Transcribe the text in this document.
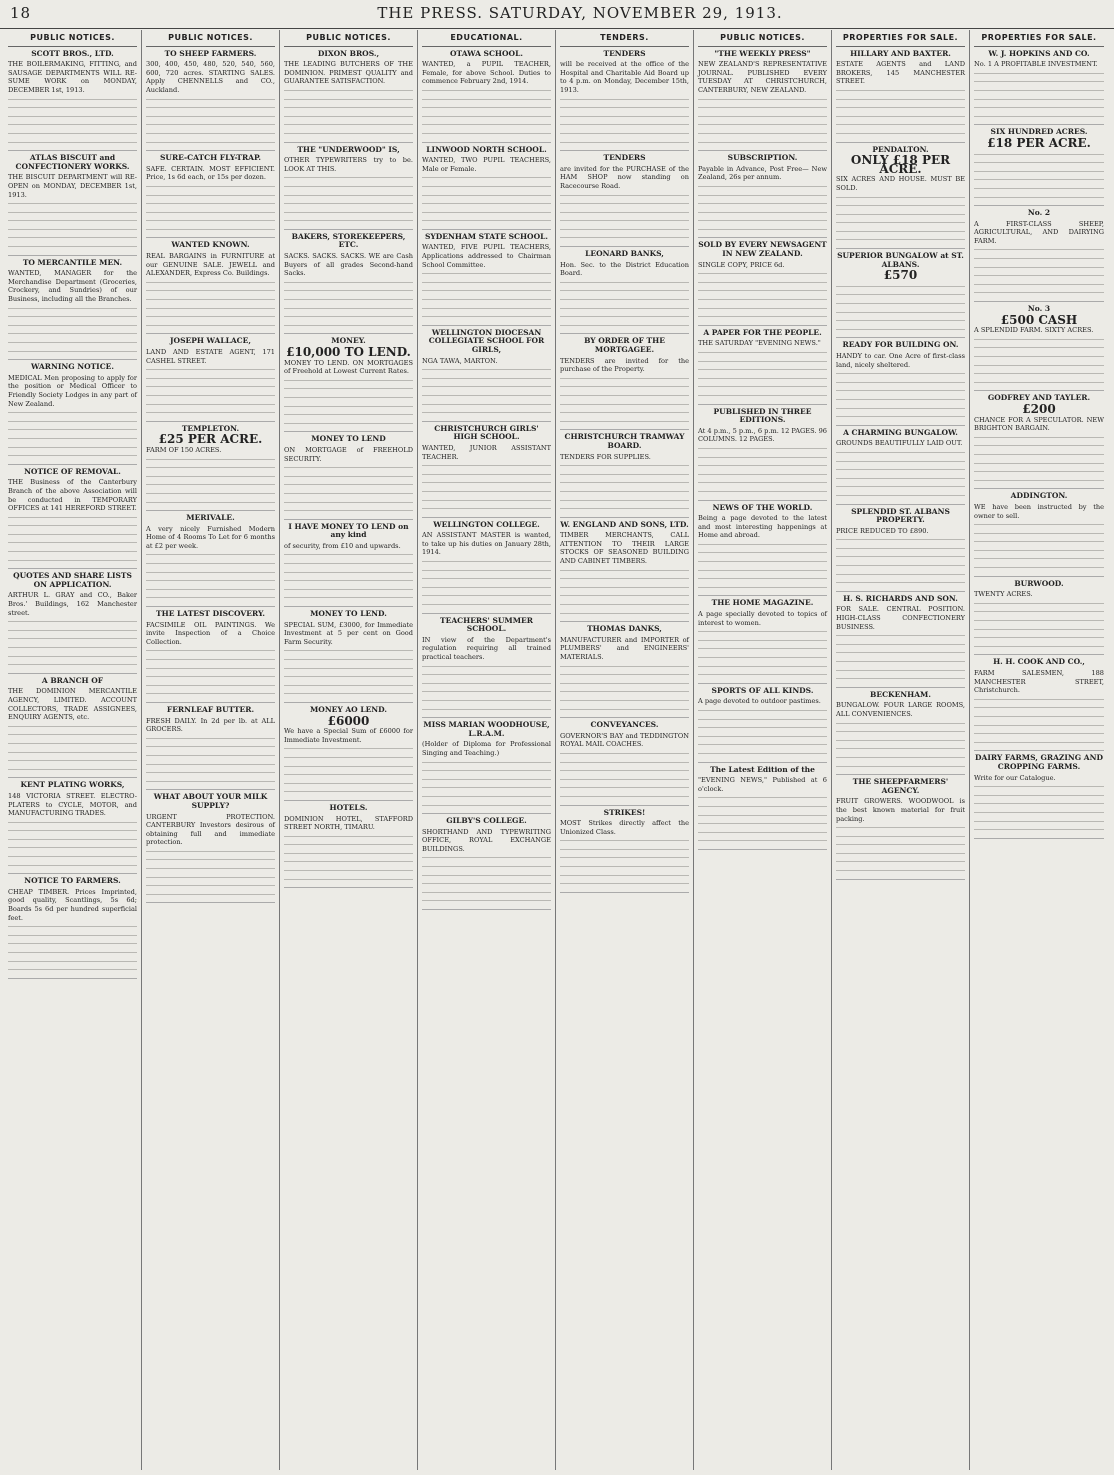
18	THE PRESS. SATURDAY, NOVEMBER 29, 1913.
PUBLIC NOTICES.
SCOTT BROS., LTD.

THE BOILERMAKING, FITTING, and SAUSAGE DEPARTMENTS WILL RE-SUME WORK on MONDAY, DECEMBER 1st, 1913.

ATLAS BISCUIT and CONFECTIONERY WORKS.

THE BISCUIT DEPARTMENT will RE-OPEN on MONDAY, DECEMBER 1st, 1913.

TO MERCANTILE MEN.

WANTED, MANAGER for the Merchandise Department (Groceries, Crockery, and Sundries) of our Business, including all the Branches.

WARNING NOTICE.

MEDICAL Men proposing to apply for the position or Medical Officer to Friendly Society Lodges in any part of New Zealand.

NOTICE OF REMOVAL.

THE Business of the Canterbury Branch of the above Association will be conducted in TEMPORARY OFFICES at 141 HEREFORD STREET.

QUOTES AND SHARE LISTS ON APPLICATION.

ARTHUR L. GRAY and CO., Baker Bros.' Buildings, 162 Manchester street.

A BRANCH OF

THE DOMINION MERCANTILE AGENCY, LIMITED. ACCOUNT COLLECTORS, TRADE ASSIGNEES, ENQUIRY AGENTS, etc.

KENT PLATING WORKS,

148 VICTORIA STREET. ELECTRO-PLATERS to CYCLE, MOTOR, and MANUFACTURING TRADES.

NOTICE TO FARMERS.

CHEAP TIMBER. Prices Imprinted, good quality, Scantlings, 5s 6d; Boards 5s 6d per hundred superficial feet.

PUBLIC NOTICES.
TO SHEEP FARMERS.

300, 400, 450, 480, 520, 540, 560, 600, 720 acres. STARTING SALES. Apply CHENNELLS and CO., Auckland.

SURE-CATCH FLY-TRAP.

SAFE. CERTAIN. MOST EFFICIENT. Price, 1s 6d each, or 15s per dozen.

WANTED KNOWN.

REAL BARGAINS in FURNITURE at our GENUINE SALE. JEWELL and ALEXANDER, Express Co. Buildings.

JOSEPH WALLACE,

LAND AND ESTATE AGENT, 171 CASHEL STREET.

TEMPLETON.
£25 PER ACRE.

FARM OF 150 ACRES.

MERIVALE.

A very nicely Furnished Modern Home of 4 Rooms To Let for 6 months at £2 per week.

THE LATEST DISCOVERY.

FACSIMILE OIL PAINTINGS. We invite Inspection of a Choice Collection.

FERNLEAF BUTTER.

FRESH DAILY. In 2d per lb. at ALL GROCERS.

WHAT ABOUT YOUR MILK SUPPLY?

URGENT PROTECTION. CANTERBURY Investors desirous of obtaining full and immediate protection.

PUBLIC NOTICES.
DIXON BROS.,

THE LEADING BUTCHERS OF THE DOMINION. PRIMEST QUALITY and GUARANTEE SATISFACTION.

THE "UNDERWOOD" IS,

OTHER TYPEWRITERS try to be. LOOK AT THIS.

BAKERS, STOREKEEPERS, ETC.

SACKS. SACKS. SACKS. WE are Cash Buyers of all grades Second-hand Sacks.

MONEY.
£10,000 TO LEND.

MONEY TO LEND. ON MORTGAGES of Freehold at Lowest Current Rates.

MONEY TO LEND

ON MORTGAGE of FREEHOLD SECURITY.

I HAVE MONEY TO LEND on any kind

of security, from £10 and upwards.

MONEY TO LEND.

SPECIAL SUM, £3000, for Immediate Investment at 5 per cent on Good Farm Security.

MONEY AO LEND.
£6000

We have a Special Sum of £6000 for Immediate Investment.

HOTELS.

DOMINION HOTEL, STAFFORD STREET NORTH, TIMARU.

EDUCATIONAL.
OTAWA SCHOOL.

WANTED, a PUPIL TEACHER, Female, for above School. Duties to commence February 2nd, 1914.

LINWOOD NORTH SCHOOL.

WANTED, TWO PUPIL TEACHERS, Male or Female.

SYDENHAM STATE SCHOOL.

WANTED, FIVE PUPIL TEACHERS, Applications addressed to Chairman School Committee.

WELLINGTON DIOCESAN COLLEGIATE SCHOOL FOR GIRLS,

NGA TAWA, MARTON.

CHRISTCHURCH GIRLS' HIGH SCHOOL.

WANTED, JUNIOR ASSISTANT TEACHER.

WELLINGTON COLLEGE.

AN ASSISTANT MASTER is wanted, to take up his duties on January 28th, 1914.

TEACHERS' SUMMER SCHOOL.

IN view of the Department's regulation requiring all trained practical teachers.

MISS MARIAN WOODHOUSE, L.R.A.M.

(Holder of Diploma for Professional Singing and Teaching.)

GILBY'S COLLEGE.

SHORTHAND AND TYPEWRITING OFFICE, ROYAL EXCHANGE BUILDINGS.

TENDERS.
TENDERS

will be received at the office of the Hospital and Charitable Aid Board up to 4 p.m. on Monday, December 15th, 1913.

TENDERS

are invited for the PURCHASE of the HAM SHOP now standing on Racecourse Road.

LEONARD BANKS,

Hon. Sec. to the District Education Board.

BY ORDER OF THE MORTGAGEE.

TENDERS are invited for the purchase of the Property.

CHRISTCHURCH TRAMWAY BOARD.

TENDERS FOR SUPPLIES.

W. ENGLAND AND SONS, LTD.

TIMBER MERCHANTS, CALL ATTENTION TO THEIR LARGE STOCKS OF SEASONED BUILDING AND CABINET TIMBERS.

THOMAS DANKS,

MANUFACTURER and IMPORTER of PLUMBERS' and ENGINEERS' MATERIALS.

CONVEYANCES.

GOVERNOR'S BAY and TEDDINGTON ROYAL MAIL COACHES.

STRIKES!

MOST Strikes directly affect the Unionized Class.

PUBLIC NOTICES.
"THE WEEKLY PRESS"

NEW ZEALAND'S REPRESENTATIVE JOURNAL. PUBLISHED EVERY TUESDAY AT CHRISTCHURCH, CANTERBURY, NEW ZEALAND.

SUBSCRIPTION.

Payable in Advance, Post Free— New Zealand, 26s per annum.

SOLD BY EVERY NEWSAGENT IN NEW ZEALAND.

SINGLE COPY, PRICE 6d.

A PAPER FOR THE PEOPLE.

THE SATURDAY "EVENING NEWS."

PUBLISHED IN THREE EDITIONS.

At 4 p.m., 5 p.m., 6 p.m. 12 PAGES. 96 COLUMNS. 12 PAGES.

NEWS OF THE WORLD.

Being a page devoted to the latest and most interesting happenings at Home and abroad.

THE HOME MAGAZINE.

A page specially devoted to topics of interest to women.

SPORTS OF ALL KINDS.

A page devoted to outdoor pastimes.

The Latest Edition of the

"EVENING NEWS," Published at 6 o'clock.

PROPERTIES FOR SALE.
HILLARY AND BAXTER.

ESTATE AGENTS and LAND BROKERS, 145 MANCHESTER STREET.

PENDALTON.
ONLY £18 PER ACRE.

SIX ACRES AND HOUSE. MUST BE SOLD.

SUPERIOR BUNGALOW at ST. ALBANS.
£570
READY FOR BUILDING ON.

HANDY to car. One Acre of first-class land, nicely sheltered.

A CHARMING BUNGALOW.

GROUNDS BEAUTIFULLY LAID OUT.

SPLENDID ST. ALBANS PROPERTY.

PRICE REDUCED TO £890.

H. S. RICHARDS AND SON.

FOR SALE. CENTRAL POSITION. HIGH-CLASS CONFECTIONERY BUSINESS.

BECKENHAM.

BUNGALOW. FOUR LARGE ROOMS, ALL CONVENIENCES.

THE SHEEPFARMERS' AGENCY.

FRUIT GROWERS. WOODWOOL is the best known material for fruit packing.

PROPERTIES FOR SALE.
W. J. HOPKINS AND CO.

No. 1 A PROFITABLE INVESTMENT.

SIX HUNDRED ACRES.
£18 PER ACRE.
No. 2

A FIRST-CLASS SHEEP, AGRICULTURAL, AND DAIRYING FARM.

No. 3
£500 CASH

A SPLENDID FARM. SIXTY ACRES.

GODFREY AND TAYLER.
£200

CHANCE FOR A SPECULATOR. NEW BRIGHTON BARGAIN.

ADDINGTON.

WE have been instructed by the owner to sell.

BURWOOD.

TWENTY ACRES.

H. H. COOK AND CO.,

FARM SALESMEN, 188 MANCHESTER STREET, Christchurch.

DAIRY FARMS, GRAZING AND CROPPING FARMS.

Write for our Catalogue.
